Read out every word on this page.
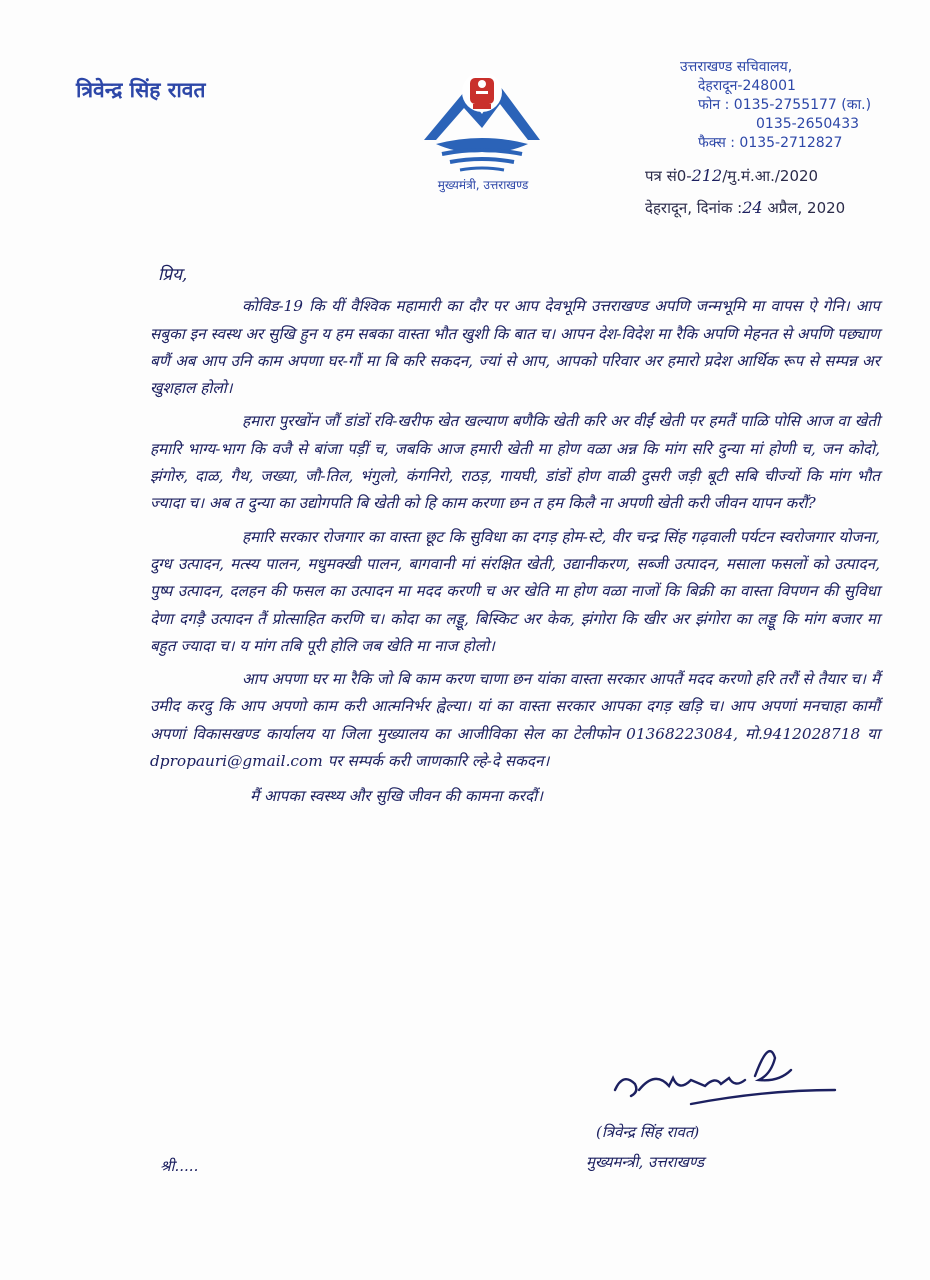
त्रिवेन्द्र सिंह रावत
मुख्यमंत्री, उत्तराखण्ड
उत्तराखण्ड सचिवालय,
देहरादून-248001
फोन : 0135-2755177 (का.)
0135-2650433
फैक्स : 0135-2712827
पत्र सं0-212/मु.मं.आ./2020
देहरादून, दिनांक :24 अप्रैल, 2020
प्रिय,

कोविड-19 कि यीं वैश्विक महामारी का दौर पर आप देवभूमि उत्तराखण्ड अपणि जन्मभूमि मा वापस ऐ गेनि। आप सबुका इन स्वस्थ अर सुखि हुन य हम सबका वास्ता भौत खुशी कि बात च। आपन देश-विदेश मा रैकि अपणि मेहनत से अपणि पछ्याण बणैं अब आप उनि काम अपणा घर-गौं मा बि करि सकदन, ज्यां से आप, आपको परिवार अर हमारो प्रदेश आर्थिक रूप से सम्पन्न अर खुशहाल होलो।

हमारा पुरखोंन जौं डांडों रवि-खरीफ खेत खल्याण बणैकि खेती करि अर वीईं खेती पर हमतैं पाळि पोसि आज वा खेती हमारि भाग्य-भाग कि वजै से बांजा पड़ीं च, जबकि आज हमारी खेती मा होण वळा अन्न कि मांग सरि दुन्या मां होणी च, जन कोदो, झंगोरु, दाळ, गैथ, जख्या, जौ-तिल, भंगुलो, कंगनिरो, राठड़, गायघी, डांडों होण वाळी दुसरी जड़ी बूटी सबि चीज्यों कि मांग भौत ज्यादा च। अब त दुन्या का उद्योगपति बि खेती को हि काम करणा छन त हम किलै ना अपणी खेती करी जीवन यापन करौं?

हमारि सरकार रोजगार का वास्ता छूट कि सुविधा का दगड़ होम-स्टे, वीर चन्द्र सिंह गढ़वाली पर्यटन स्वरोजगार योजना, दुग्ध उत्पादन, मत्स्य पालन, मधुमक्खी पालन, बागवानी मां संरक्षित खेती, उद्यानीकरण, सब्जी उत्पादन, मसाला फसलों को उत्पादन, पुष्प उत्पादन, दलहन की फसल का उत्पादन मा मदद करणी च अर खेति मा होण वळा नाजों कि बिक्री का वास्ता विपणन की सुविधा देणा दगड़ै उत्पादन तैं प्रोत्साहित करणि च। कोदा का लड्डू, बिस्किट अर केक, झंगोरा कि खीर अर झंगोरा का लड्डू कि मांग बजार मा बहुत ज्यादा च। य मांग तबि पूरी होलि जब खेति मा नाज होलो।

आप अपणा घर मा रैकि जो बि काम करण चाणा छन यांका वास्ता सरकार आपतैं मदद करणो हरि तरौं से तैयार च। मैं उमीद करदु कि आप अपणो काम करी आत्मनिर्भर ह्वेल्या। यां का वास्ता सरकार आपका दगड़ खड़ि च। आप अपणां मनचाहा कामौं अपणां विकासखण्ड कार्यालय या जिला मुख्यालय का आजीविका सेल का टेलीफोन 01368223084, मो.9412028718 या dpropauri@gmail.com पर सम्पर्क करी जाणकारि ल्हे-दे सकदन।

मैं आपका स्वस्थ्य और सुखि जीवन की कामना करदौं।
(त्रिवेन्द्र सिंह रावत)
मुख्यमन्त्री, उत्तराखण्ड
श्री.....
